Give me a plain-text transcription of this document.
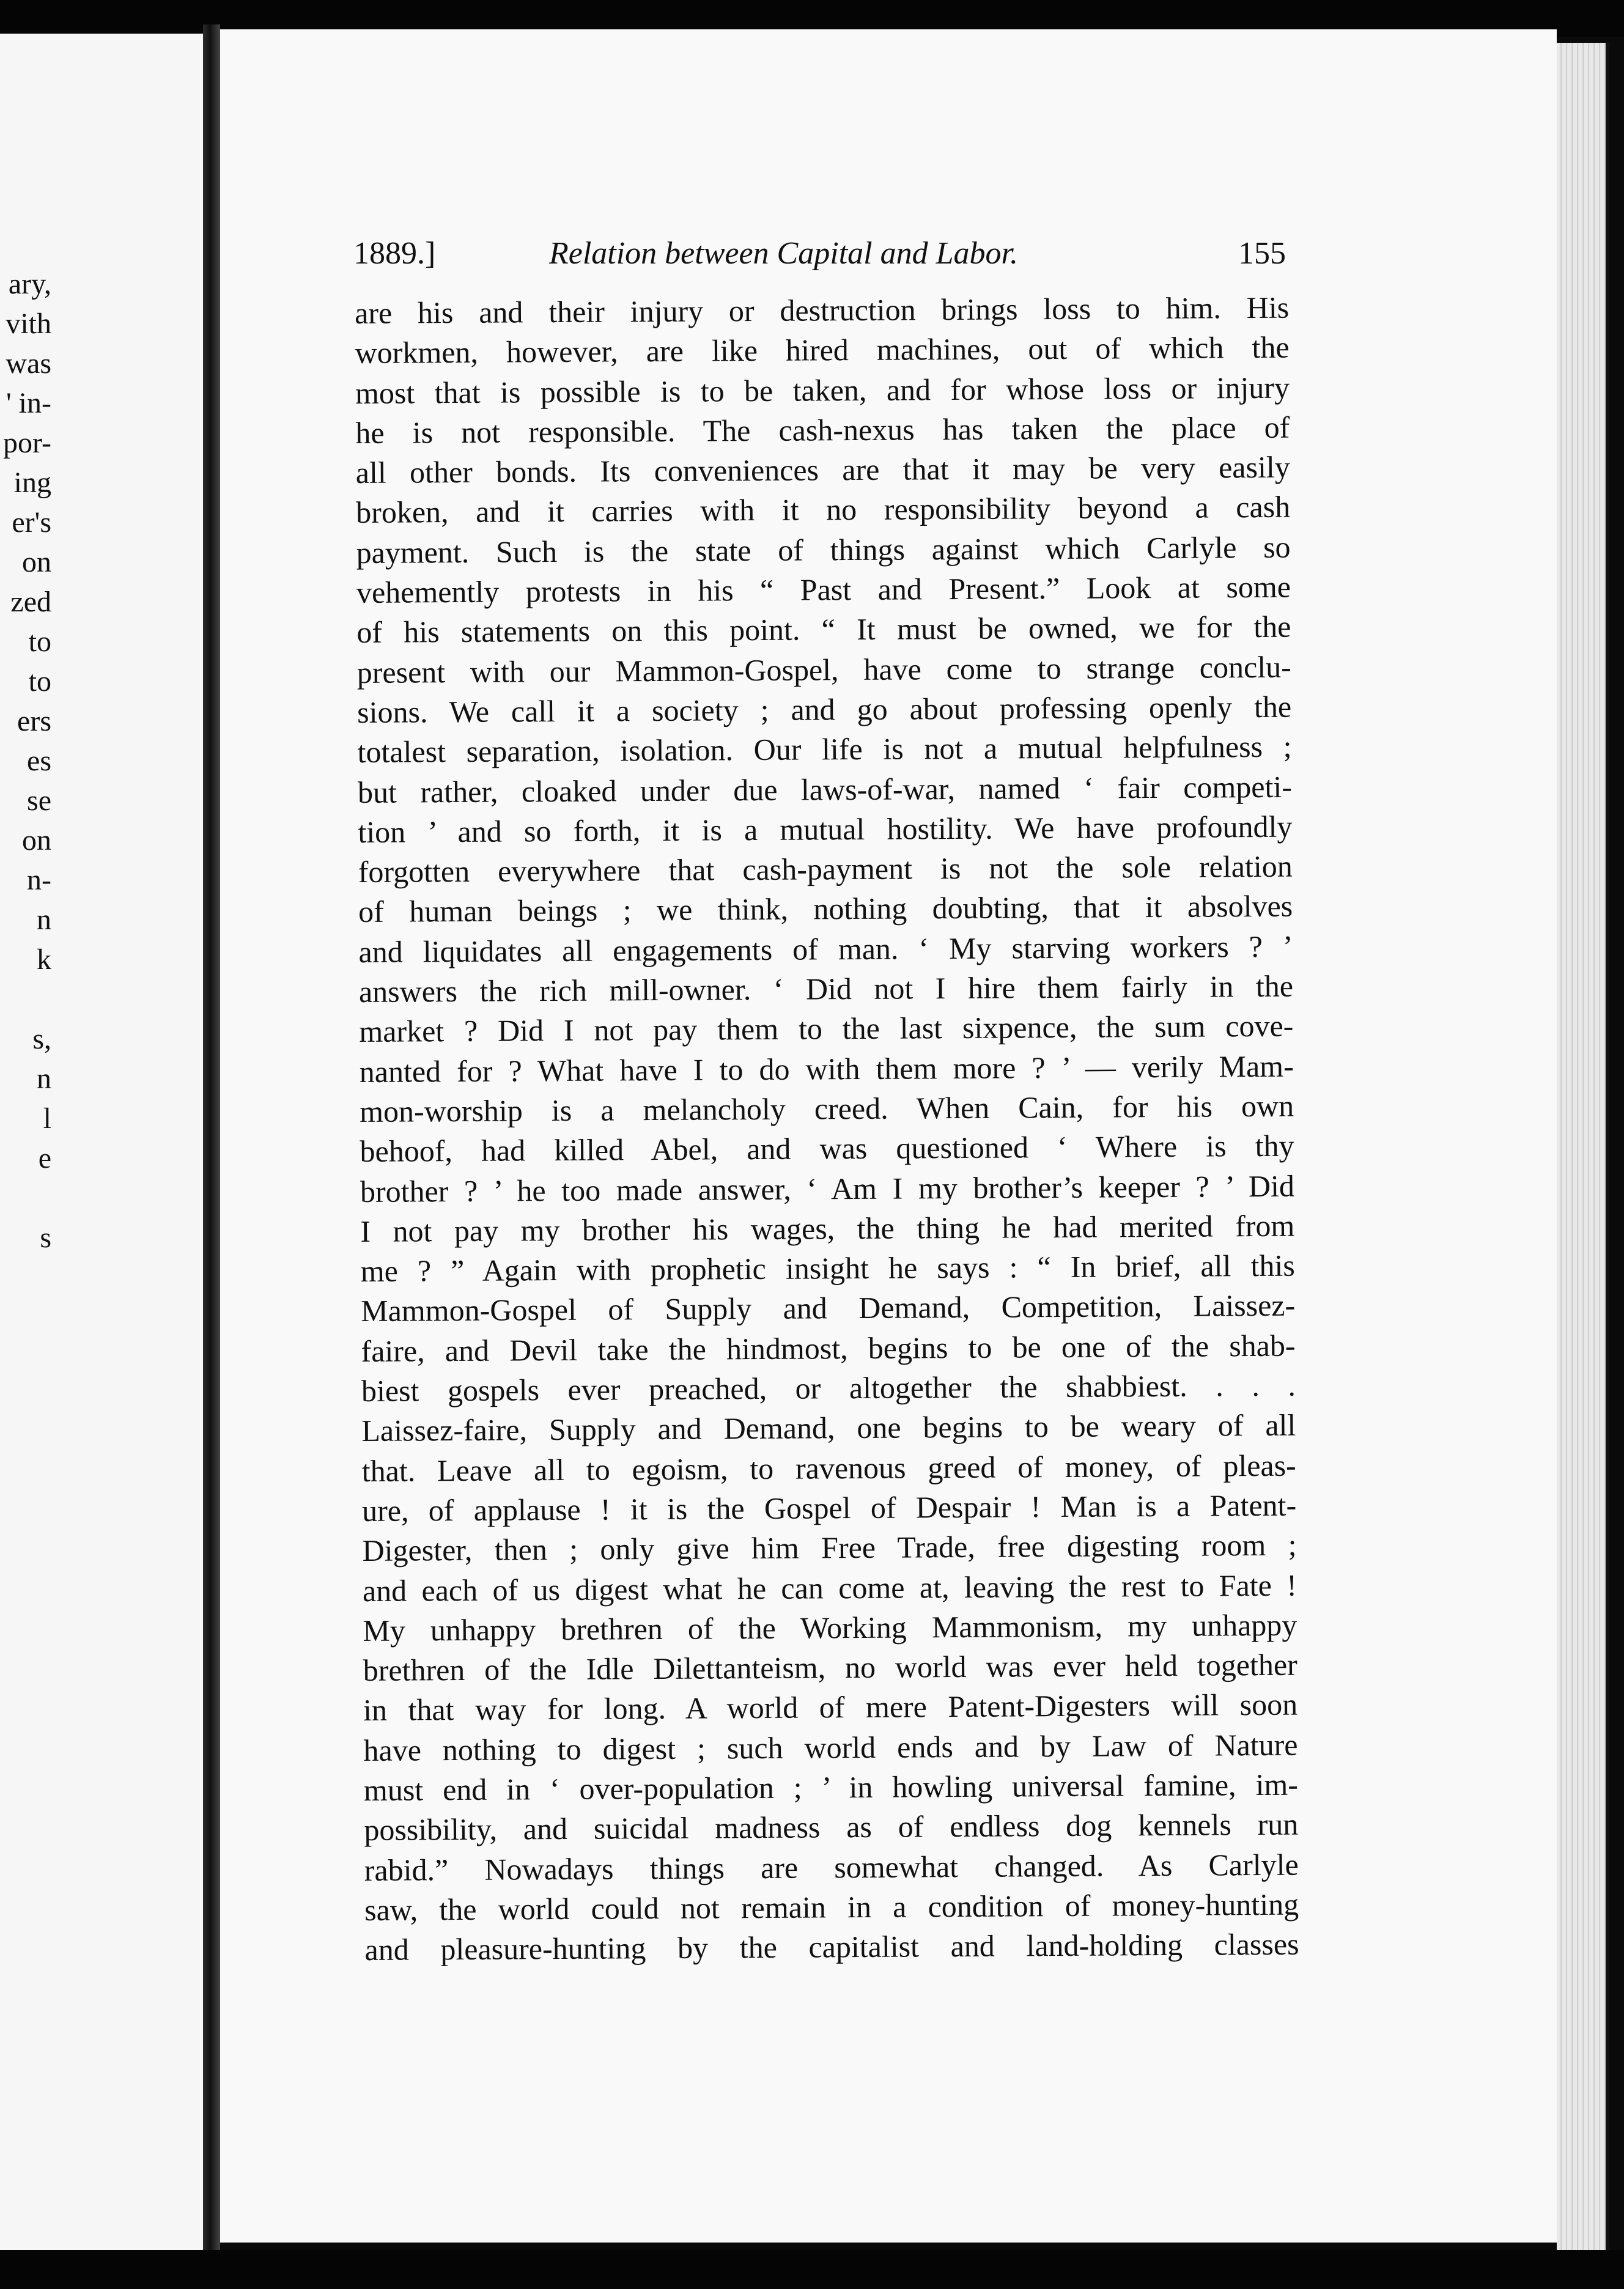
ary,
vith
was
' in-
por-
ing
er's
on
zed
to
to
ers
es
se
on
n-
n
k
s,
n
l
e
s
1889.]	Relation between Capital and Labor.	155
are his and their injury or destruction brings loss to him. His
workmen, however, are like hired machines, out of which the
most that is possible is to be taken, and for whose loss or injury
he is not responsible. The cash-nexus has taken the place of
all other bonds. Its conveniences are that it may be very easily
broken, and it carries with it no responsibility beyond a cash
payment. Such is the state of things against which Carlyle so
vehemently protests in his “ Past and Present.” Look at some
of his statements on this point. “ It must be owned, we for the
present with our Mammon-Gospel, have come to strange conclu-
sions. We call it a society ; and go about professing openly the
totalest separation, isolation. Our life is not a mutual helpfulness ;
but rather, cloaked under due laws-of-war, named ‘ fair competi-
tion ’ and so forth, it is a mutual hostility. We have profoundly
forgotten everywhere that cash-payment is not the sole relation
of human beings ; we think, nothing doubting, that it absolves
and liquidates all engagements of man. ‘ My starving workers ? ’
answers the rich mill-owner. ‘ Did not I hire them fairly in the
market ? Did I not pay them to the last sixpence, the sum cove-
nanted for ? What have I to do with them more ? ’ — verily Mam-
mon-worship is a melancholy creed. When Cain, for his own
behoof, had killed Abel, and was questioned ‘ Where is thy
brother ? ’ he too made answer, ‘ Am I my brother’s keeper ? ’ Did
I not pay my brother his wages, the thing he had merited from
me ? ” Again with prophetic insight he says : “ In brief, all this
Mammon-Gospel of Supply and Demand, Competition, Laissez-
faire, and Devil take the hindmost, begins to be one of the shab-
biest gospels ever preached, or altogether the shabbiest. . . .
Laissez-faire, Supply and Demand, one begins to be weary of all
that. Leave all to egoism, to ravenous greed of money, of pleas-
ure, of applause ! it is the Gospel of Despair ! Man is a Patent-
Digester, then ; only give him Free Trade, free digesting room ;
and each of us digest what he can come at, leaving the rest to Fate !
My unhappy brethren of the Working Mammonism, my unhappy
brethren of the Idle Dilettanteism, no world was ever held together
in that way for long. A world of mere Patent-Digesters will soon
have nothing to digest ; such world ends and by Law of Nature
must end in ‘ over-population ; ’ in howling universal famine, im-
possibility, and suicidal madness as of endless dog kennels run
rabid.” Nowadays things are somewhat changed. As Carlyle
saw, the world could not remain in a condition of money-hunting
and pleasure-hunting by the capitalist and land-holding classes
